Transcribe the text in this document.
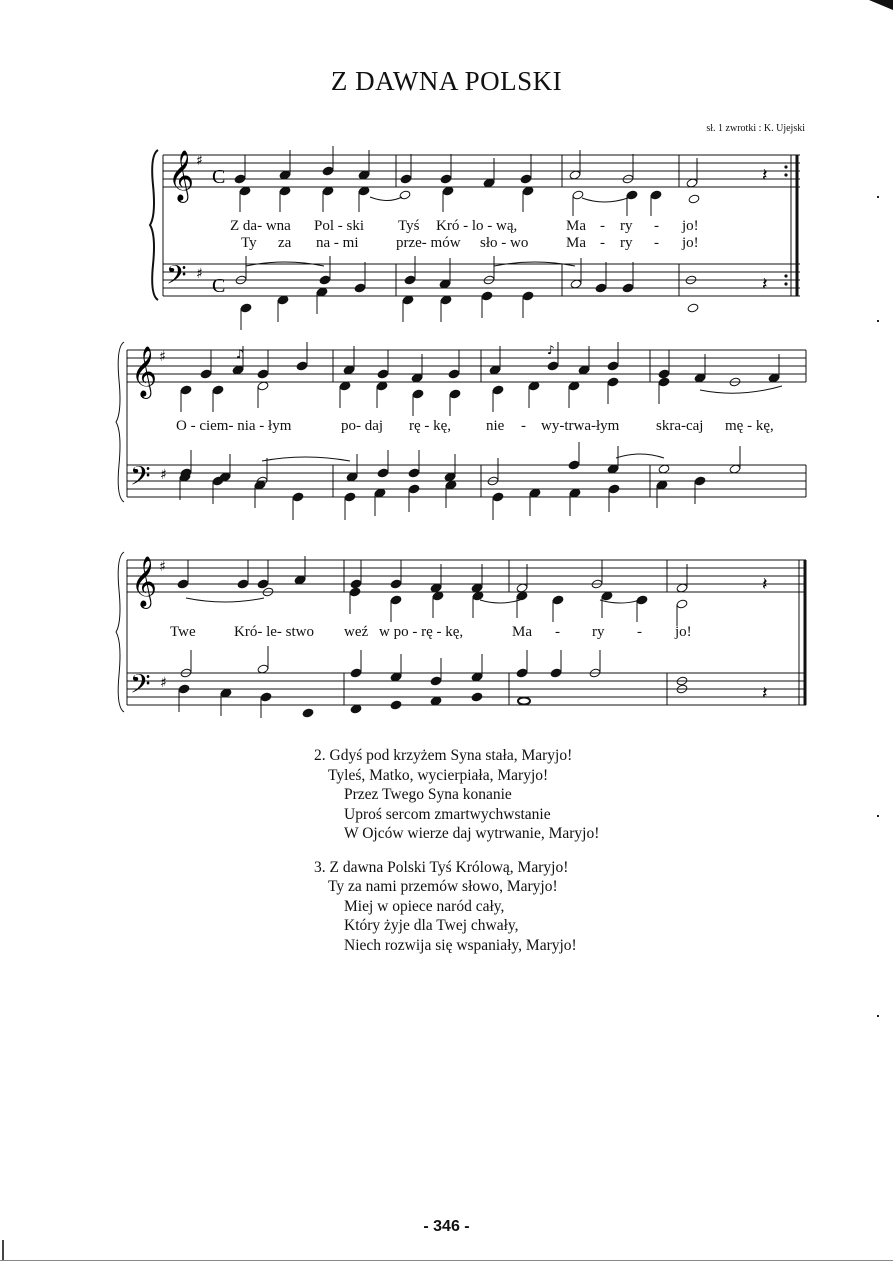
Z DAWNA POLSKI
sł. 1 zwrotki : K. Ujejski
𝄞 ♯
C
𝄢 ♯
C
𝄽
𝄽
Z da- wna Pol - ski Tyś Kró - lo - wą,	Ma - ry - jo!
Ty za na - mi	prze- mów sło - wo	Ma - ry - jo!
𝄞 ♯
𝄢 ♯
♪	♪
O - ciem- nia - łym	po- daj rę - kę, nie - wy-trwa-łym skra-caj mę - kę,
𝄞 ♯
𝄢 ♯
𝄽
𝄽
Twe	Kró- le- stwo weź w po - rę - kę,	Ma - ry - jo!
2. Gdyś pod krzyżem Syna stała, Maryjo!
Tyleś, Matko, wycierpiała, Maryjo!
Przez Twego Syna konanie
Uproś sercom zmartwychwstanie
W Ojców wierze daj wytrwanie, Maryjo!
3. Z dawna Polski Tyś Królową, Maryjo!
Ty za nami przemów słowo, Maryjo!
Miej w opiece naród cały,
Który żyje dla Twej chwały,
Niech rozwija się wspaniały, Maryjo!
- 346 -
